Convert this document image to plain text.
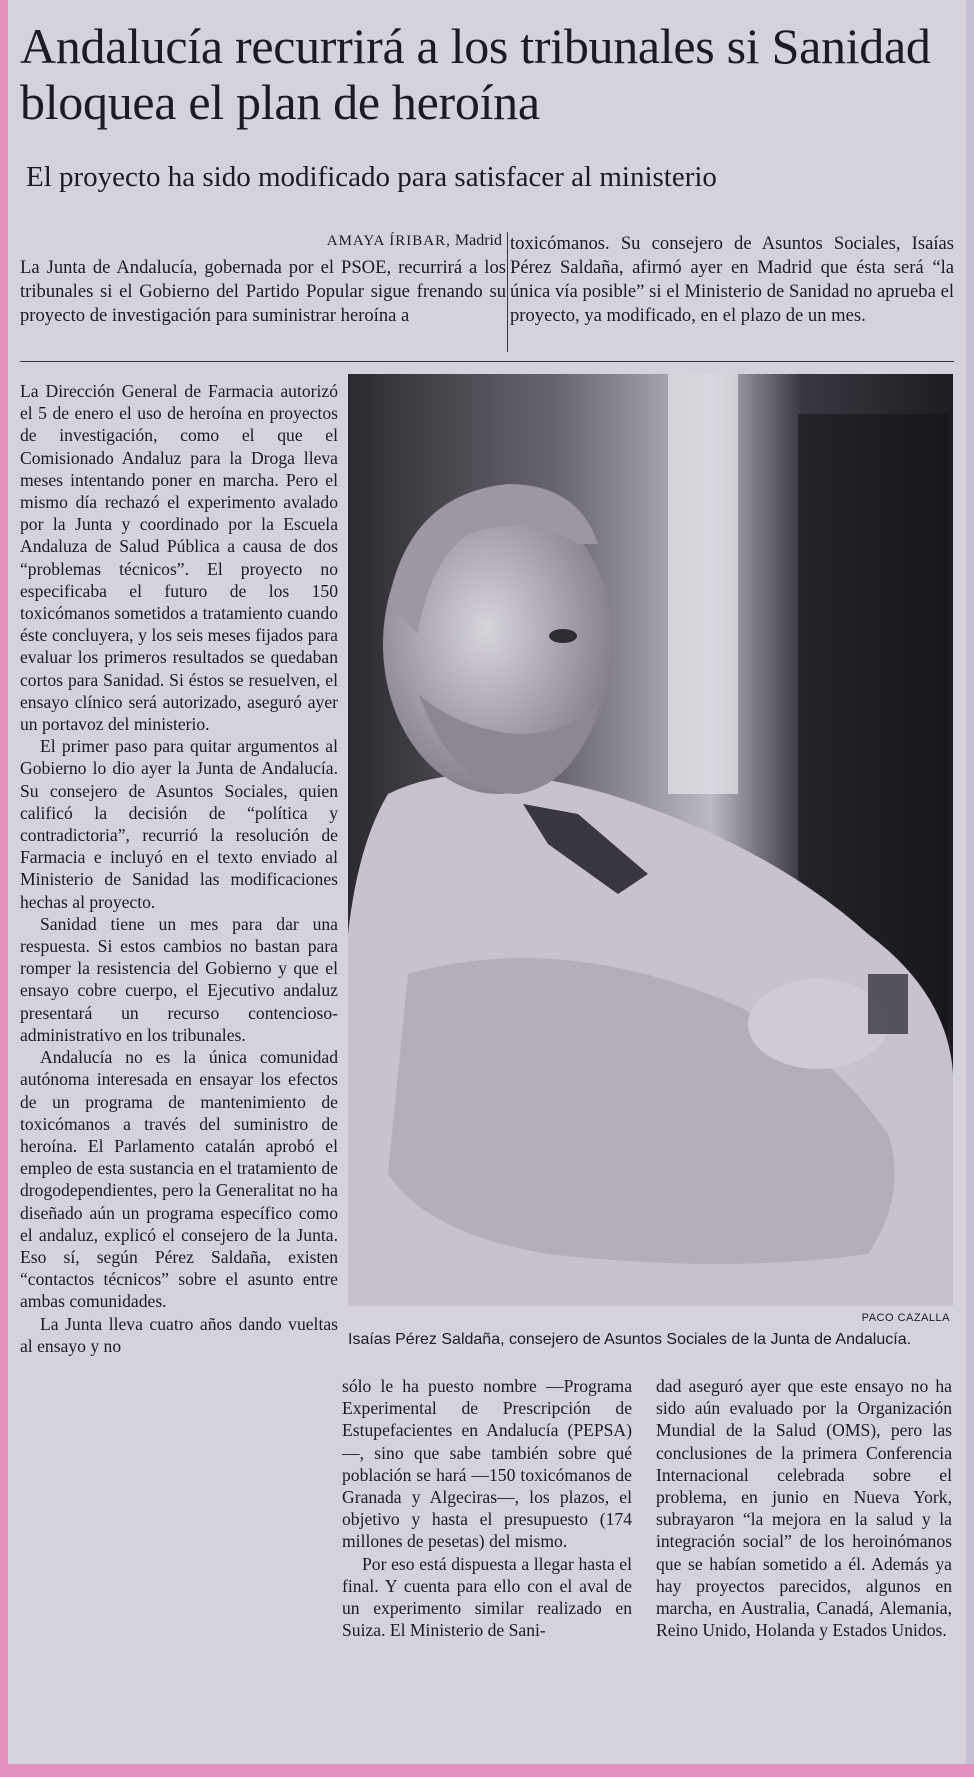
Andalucía recurrirá a los tribunales si Sanidad bloquea el plan de heroína
El proyecto ha sido modificado para satisfacer al ministerio
AMAYA ÍRIBAR, Madrid
La Junta de Andalucía, gobernada por el PSOE, recurrirá a los tribunales si el Gobierno del Partido Popular sigue frenando su proyecto de investigación para suministrar heroína a
toxicómanos. Su consejero de Asuntos Sociales, Isaías Pérez Saldaña, afirmó ayer en Madrid que ésta será “la única vía posible” si el Ministerio de Sanidad no aprueba el proyecto, ya modificado, en el plazo de un mes.

La Dirección General de Farmacia autorizó el 5 de enero el uso de heroína en proyectos de investigación, como el que el Comisionado Andaluz para la Droga lleva meses intentando poner en marcha. Pero el mismo día rechazó el experimento avalado por la Junta y coordinado por la Escuela Andaluza de Salud Pública a causa de dos “problemas técnicos”. El proyecto no especificaba el futuro de los 150 toxicómanos sometidos a tratamiento cuando éste concluyera, y los seis meses fijados para evaluar los primeros resultados se quedaban cortos para Sanidad. Si éstos se resuelven, el ensayo clínico será autorizado, aseguró ayer un portavoz del ministerio.

El primer paso para quitar argumentos al Gobierno lo dio ayer la Junta de Andalucía. Su consejero de Asuntos Sociales, quien calificó la decisión de “política y contradictoria”, recurrió la resolución de Farmacia e incluyó en el texto enviado al Ministerio de Sanidad las modificaciones hechas al proyecto.

Sanidad tiene un mes para dar una respuesta. Si estos cambios no bastan para romper la resistencia del Gobierno y que el ensayo cobre cuerpo, el Ejecutivo andaluz presentará un recurso contencioso-administrativo en los tribunales.

Andalucía no es la única comunidad autónoma interesada en ensayar los efectos de un programa de mantenimiento de toxicómanos a través del suministro de heroína. El Parlamento catalán aprobó el empleo de esta sustancia en el tratamiento de drogodependientes, pero la Generalitat no ha diseñado aún un programa específico como el andaluz, explicó el consejero de la Junta. Eso sí, según Pérez Saldaña, existen “contactos técnicos” sobre el asunto entre ambas comunidades.

La Junta lleva cuatro años dando vueltas al ensayo y no

PACO CAZALLA
Isaías Pérez Saldaña, consejero de Asuntos Sociales de la Junta de Andalucía.

sólo le ha puesto nombre —Programa Experimental de Prescripción de Estupefacientes en Andalucía (PEPSA)—, sino que sabe también sobre qué población se hará —150 toxicómanos de Granada y Algeciras—, los plazos, el objetivo y hasta el presupuesto (174 millones de pesetas) del mismo.

Por eso está dispuesta a llegar hasta el final. Y cuenta para ello con el aval de un experimento similar realizado en Suiza. El Ministerio de Sani-

dad aseguró ayer que este ensayo no ha sido aún evaluado por la Organización Mundial de la Salud (OMS), pero las conclusiones de la primera Conferencia Internacional celebrada sobre el problema, en junio en Nueva York, subrayaron “la mejora en la salud y la integración social” de los heroinómanos que se habían sometido a él. Además ya hay proyectos parecidos, algunos en marcha, en Australia, Canadá, Alemania, Reino Unido, Holanda y Estados Unidos.
